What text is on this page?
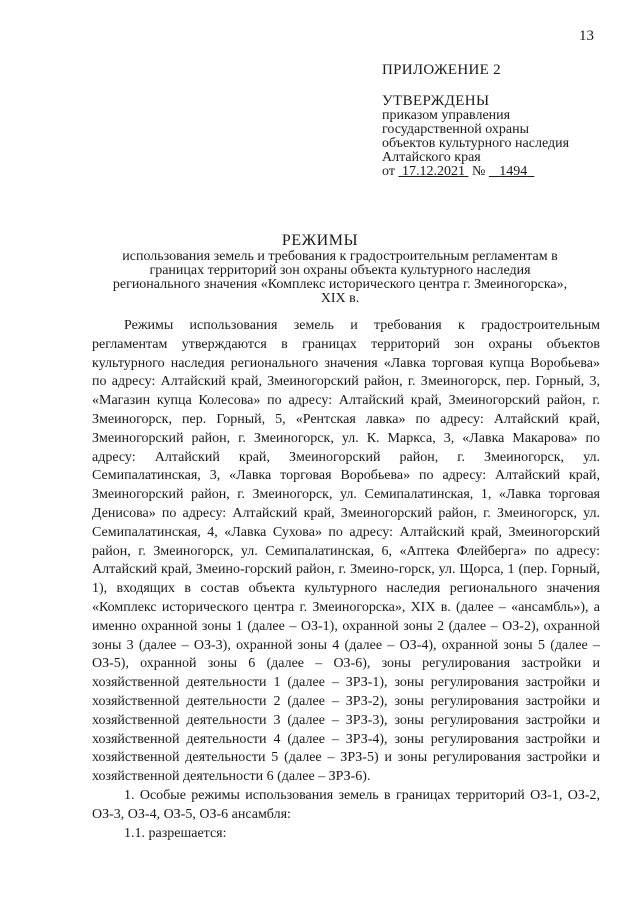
13
ПРИЛОЖЕНИЕ 2
УТВЕРЖДЕНЫ
приказом управления
государственной охраны
объектов культурного наследия
Алтайского края
от 17.12.2021 № 1494
РЕЖИМЫ
использования земель и требования к градостроительным регламентам в границах территорий зон охраны объекта культурного наследия регионального значения «Комплекс исторического центра г. Змеиногорска», XIX в.

Режимы использования земель и требования к градостроительным регламентам утверждаются в границах территорий зон охраны объектов культурного наследия регионального значения «Лавка торговая купца Воробьева» по адресу: Алтайский край, Змеиногорский район, г. Змеиногорск, пер. Горный, 3, «Магазин купца Колесова» по адресу: Алтайский край, Змеиногорский район, г. Змеиногорск, пер. Горный, 5, «Рентская лавка» по адресу: Алтайский край, Змеиногорский район, г. Змеиногорск, ул. К. Маркса, 3, «Лавка Макарова» по адресу: Алтайский край, Змеиногорский район, г. Змеиногорск, ул. Семипалатинская, 3, «Лавка торговая Воробьева» по адресу: Алтайский край, Змеиногорский район, г. Змеиногорск, ул. Семипалатинская, 1, «Лавка торговая Денисова» по адресу: Алтайский край, Змеиногорский район, г. Змеиногорск, ул. Семипалатинская, 4, «Лавка Сухова» по адресу: Алтайский край, Змеиногорский район, г. Змеиногорск, ул. Семипалатинская, 6, «Аптека Флейберга» по адресу: Алтайский край, Змеино-горский район, г. Змеино-горск, ул. Щорса, 1 (пер. Горный, 1), входящих в состав объекта культурного наследия регионального значения «Комплекс исторического центра г. Змеиногорска», XIX в. (далее – «ансамбль»), а именно охранной зоны 1 (далее – ОЗ-1), охранной зоны 2 (далее – ОЗ-2), охранной зоны 3 (далее – ОЗ-3), охранной зоны 4 (далее – ОЗ-4), охранной зоны 5 (далее – ОЗ-5), охранной зоны 6 (далее – ОЗ-6), зоны регулирования застройки и хозяйственной деятельности 1 (далее – ЗРЗ-1), зоны регулирования застройки и хозяйственной деятельности 2 (далее – ЗРЗ-2), зоны регулирования застройки и хозяйственной деятельности 3 (далее – ЗРЗ-3), зоны регулирования застройки и хозяйственной деятельности 4 (далее – ЗРЗ-4), зоны регулирования застройки и хозяйственной деятельности 5 (далее – ЗРЗ-5) и зоны регулирования застройки и хозяйственной деятельности 6 (далее – ЗРЗ-6).

1. Особые режимы использования земель в границах территорий ОЗ-1, ОЗ-2, ОЗ-3, ОЗ-4, ОЗ-5, ОЗ-6 ансамбля:

1.1. разрешается:
